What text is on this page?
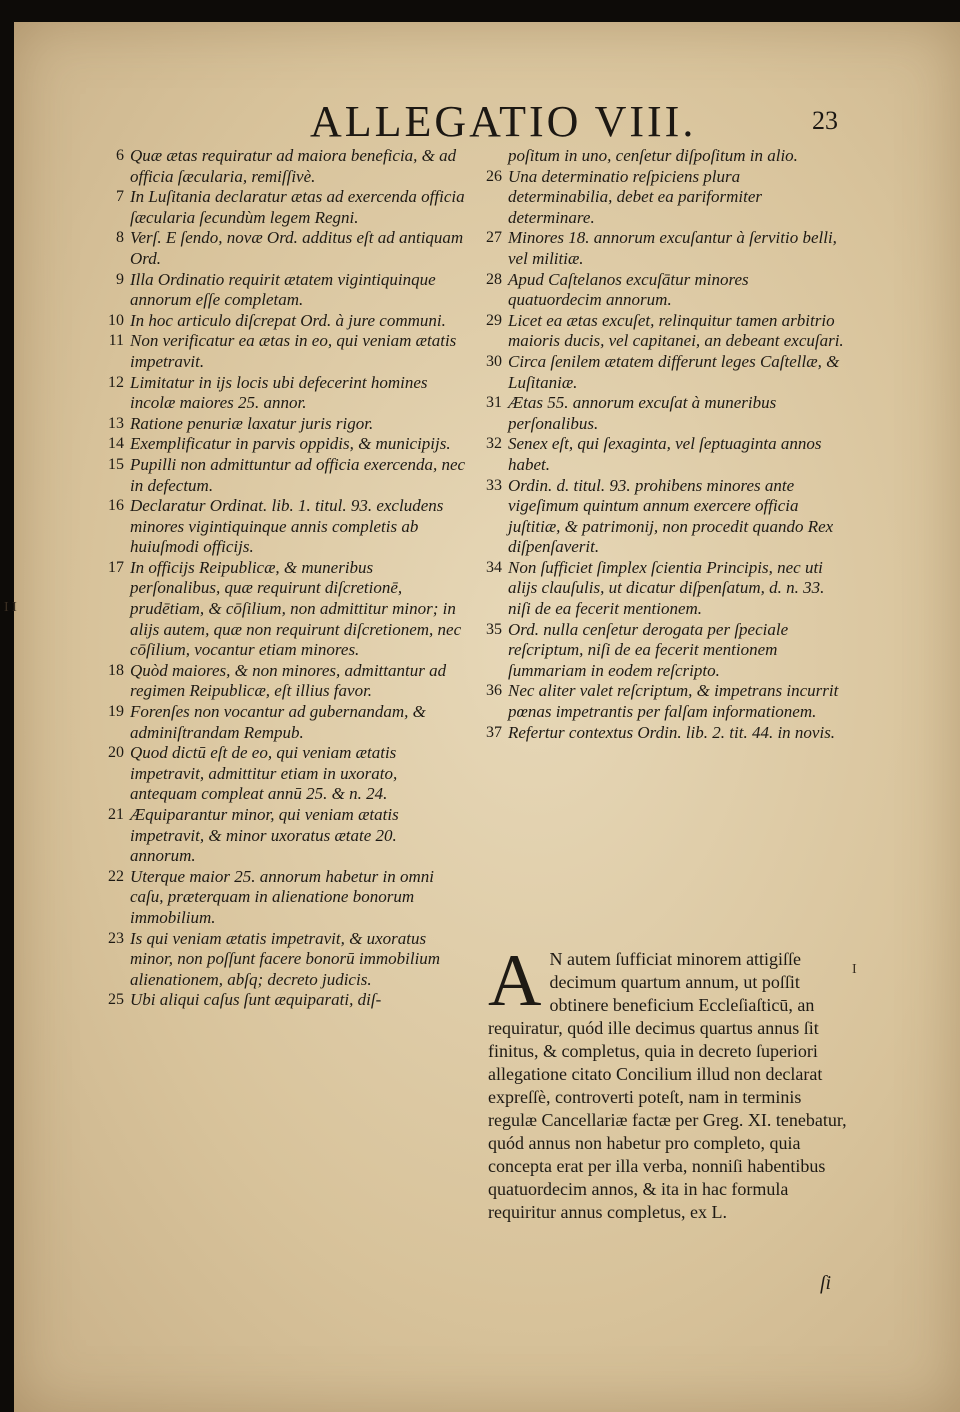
I I
I
ALLEGATIO VIII.	23
6 Quæ ætas requiratur ad maiora beneficia, & ad officia ſæcularia, remiſſivè.
7 In Luſitania declaratur ætas ad exercenda officia ſæcularia ſecundùm legem Regni.
8 Verſ. E ſendo, novæ Ord. additus eſt ad antiquam Ord.
9 Illa Ordinatio requirit ætatem vigintiquinque annorum eſſe completam.
10 In hoc articulo diſcrepat Ord. à jure communi.
11 Non verificatur ea ætas in eo, qui veniam ætatis impetravit.
12 Limitatur in ijs locis ubi defecerint homines incolæ maiores 25. annor.
13 Ratione penuriæ laxatur juris rigor.
14 Exemplificatur in parvis oppidis, & municipijs.
15 Pupilli non admittuntur ad officia exercenda, nec in defectum.
16 Declaratur Ordinat. lib. 1. titul. 93. excludens minores vigintiquinque annis completis ab huiuſmodi officijs.
17 In officijs Reipublicæ, & muneribus perſonalibus, quæ requirunt diſcretionē, prudētiam, & cōſilium, non admittitur minor; in alijs autem, quæ non requirunt diſcretionem, nec cōſilium, vocantur etiam minores.
18 Quòd maiores, & non minores, admittantur ad regimen Reipublicæ, eſt illius favor.
19 Forenſes non vocantur ad gubernandam, & adminiſtrandam Rempub.
20 Quod dictū eſt de eo, qui veniam ætatis impetravit, admittitur etiam in uxorato, antequam compleat annū 25. & n. 24.
21 Æquiparantur minor, qui veniam ætatis impetravit, & minor uxoratus ætate 20. annorum.
22 Uterque maior 25. annorum habetur in omni caſu, præterquam in alienatione bonorum immobilium.
23 Is qui veniam ætatis impetravit, & uxoratus minor, non poſſunt facere bonorū immobilium alienationem, abſq; decreto judicis.
25 Ubi aliqui caſus ſunt æquiparati, diſ-
poſitum in uno, cenſetur diſpoſitum in alio.
26 Una determinatio reſpiciens plura determinabilia, debet ea pariformiter determinare.
27 Minores 18. annorum excuſantur à ſervitio belli, vel militiæ.
28 Apud Caſtelanos excuſātur minores quatuordecim annorum.
29 Licet ea ætas excuſet, relinquitur tamen arbitrio maioris ducis, vel capitanei, an debeant excuſari.
30 Circa ſenilem ætatem differunt leges Caſtellæ, & Luſitaniæ.
31 Ætas 55. annorum excuſat à muneribus perſonalibus.
32 Senex eſt, qui ſexaginta, vel ſeptuaginta annos habet.
33 Ordin. d. titul. 93. prohibens minores ante vigeſimum quintum annum exercere officia juſtitiæ, & patrimonij, non procedit quando Rex diſpenſaverit.
34 Non ſufficiet ſimplex ſcientia Principis, nec uti alijs clauſulis, ut dicatur diſpenſatum, d. n. 33. niſi de ea fecerit mentionem.
35 Ord. nulla cenſetur derogata per ſpeciale reſcriptum, niſi de ea fecerit mentionem ſummariam in eodem reſcripto.
36 Nec aliter valet reſcriptum, & impetrans incurrit pœnas impetrantis per falſam informationem.
37 Refertur contextus Ordin. lib. 2. tit. 44. in novis.
A N autem ſufficiat minorem attigiſſe decimum quartum annum, ut poſſit obtinere beneficium Eccleſiaſticū, an requiratur, quód ille decimus quartus annus ſit finitus, & completus, quia in decreto ſuperiori allegatione citato Concilium illud non declarat expreſſè, controverti poteſt, nam in terminis regulæ Cancellariæ factæ per Greg. XI. tenebatur, quód annus non habetur pro completo, quia concepta erat per illa verba, nonniſi habentibus quatuordecim annos, & ita in hac formula requiritur annus completus, ex L.
ſi
